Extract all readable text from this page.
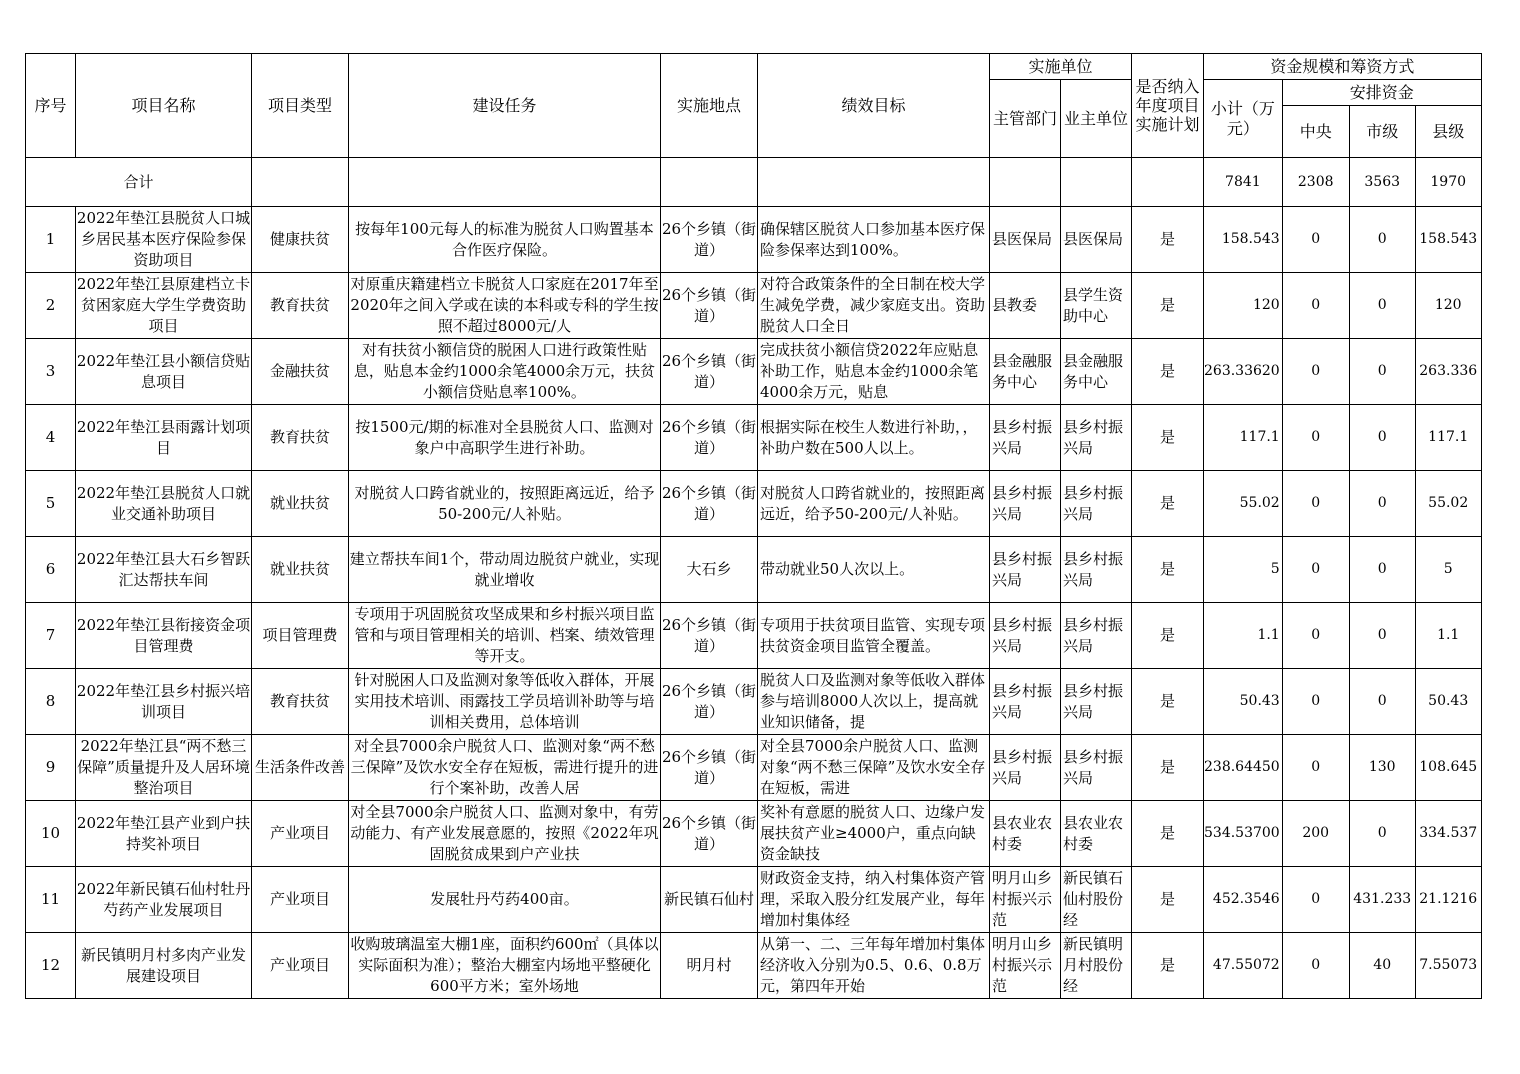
序号	项目名称	项目类型	建设任务	实施地点	绩效目标	实施单位		是否纳入年度项目实施计划	资金规模和筹资方式			
						主管部门	业主单位		小计（万元）	安排资金		
										中央	市级	县级
合计									7841	2308	3563	1970
1	2022年垫江县脱贫人口城乡居民基本医疗保险参保资助项目	健康扶贫	按每年100元每人的标准为脱贫人口购置基本合作医疗保险。	26个乡镇（街道）	确保辖区脱贫人口参加基本医疗保险参保率达到100%。	县医保局	县医保局	是	158.543	0	0	158.543
2	2022年垫江县原建档立卡贫困家庭大学生学费资助项目	教育扶贫	对原重庆籍建档立卡脱贫人口家庭在2017年至2020年之间入学或在读的本科或专科的学生按照不超过8000元/人	26个乡镇（街道）	对符合政策条件的全日制在校大学生减免学费，减少家庭支出。资助脱贫人口全日	县教委	县学生资助中心	是	120	0	0	120
3	2022年垫江县小额信贷贴息项目	金融扶贫	对有扶贫小额信贷的脱困人口进行政策性贴息，贴息本金约1000余笔4000余万元，扶贫小额信贷贴息率100%。	26个乡镇（街道）	完成扶贫小额信贷2022年应贴息补助工作，贴息本金约1000余笔4000余万元，贴息	县金融服务中心	县金融服务中心	是	263.33620	0	0	263.336
4	2022年垫江县雨露计划项目	教育扶贫	按1500元/期的标准对全县脱贫人口、监测对象户中高职学生进行补助。	26个乡镇（街道）	根据实际在校生人数进行补助，，补助户数在500人以上。	县乡村振兴局	县乡村振兴局	是	117.1	0	0	117.1
5	2022年垫江县脱贫人口就业交通补助项目	就业扶贫	对脱贫人口跨省就业的，按照距离远近，给予50-200元/人补贴。	26个乡镇（街道）	对脱贫人口跨省就业的，按照距离远近，给予50-200元/人补贴。	县乡村振兴局	县乡村振兴局	是	55.02	0	0	55.02
6	2022年垫江县大石乡智跃汇达帮扶车间	就业扶贫	建立帮扶车间1个，带动周边脱贫户就业，实现就业增收	大石乡	带动就业50人次以上。	县乡村振兴局	县乡村振兴局	是	5	0	0	5
7	2022年垫江县衔接资金项目管理费	项目管理费	专项用于巩固脱贫攻坚成果和乡村振兴项目监管和与项目管理相关的培训、档案、绩效管理等开支。	26个乡镇（街道）	专项用于扶贫项目监管、实现专项扶贫资金项目监管全覆盖。	县乡村振兴局	县乡村振兴局	是	1.1	0	0	1.1
8	2022年垫江县乡村振兴培训项目	教育扶贫	针对脱困人口及监测对象等低收入群体，开展实用技术培训、雨露技工学员培训补助等与培训相关费用，总体培训	26个乡镇（街道）	脱贫人口及监测对象等低收入群体参与培训8000人次以上，提高就业知识储备，提	县乡村振兴局	县乡村振兴局	是	50.43	0	0	50.43
9	2022年垫江县“两不愁三保障”质量提升及人居环境整治项目	生活条件改善	对全县7000余户脱贫人口、监测对象“两不愁三保障”及饮水安全存在短板，需进行提升的进行个案补助，改善人居	26个乡镇（街道）	对全县7000余户脱贫人口、监测对象“两不愁三保障”及饮水安全存在短板，需进	县乡村振兴局	县乡村振兴局	是	238.64450	0	130	108.645
10	2022年垫江县产业到户扶持奖补项目	产业项目	对全县7000余户脱贫人口、监测对象中，有劳动能力、有产业发展意愿的，按照《2022年巩固脱贫成果到户产业扶	26个乡镇（街道）	奖补有意愿的脱贫人口、边缘户发展扶贫产业≥4000户，重点向缺资金缺技	县农业农村委	县农业农村委	是	534.53700	200	0	334.537
11	2022年新民镇石仙村牡丹芍药产业发展项目	产业项目	发展牡丹芍药400亩。	新民镇石仙村	财政资金支持，纳入村集体资产管理，采取入股分红发展产业，每年增加村集体经	明月山乡村振兴示范	新民镇石仙村股份经	是	452.3546	0	431.233	21.1216
12	新民镇明月村多肉产业发展建设项目	产业项目	收购玻璃温室大棚1座，面积约600㎡（具体以实际面积为准）；整治大棚室内场地平整硬化600平方米；室外场地	明月村	从第一、二、三年每年增加村集体经济收入分别为0.5、0.6、0.8万元，第四年开始	明月山乡村振兴示范	新民镇明月村股份经	是	47.55072	0	40	7.55073
